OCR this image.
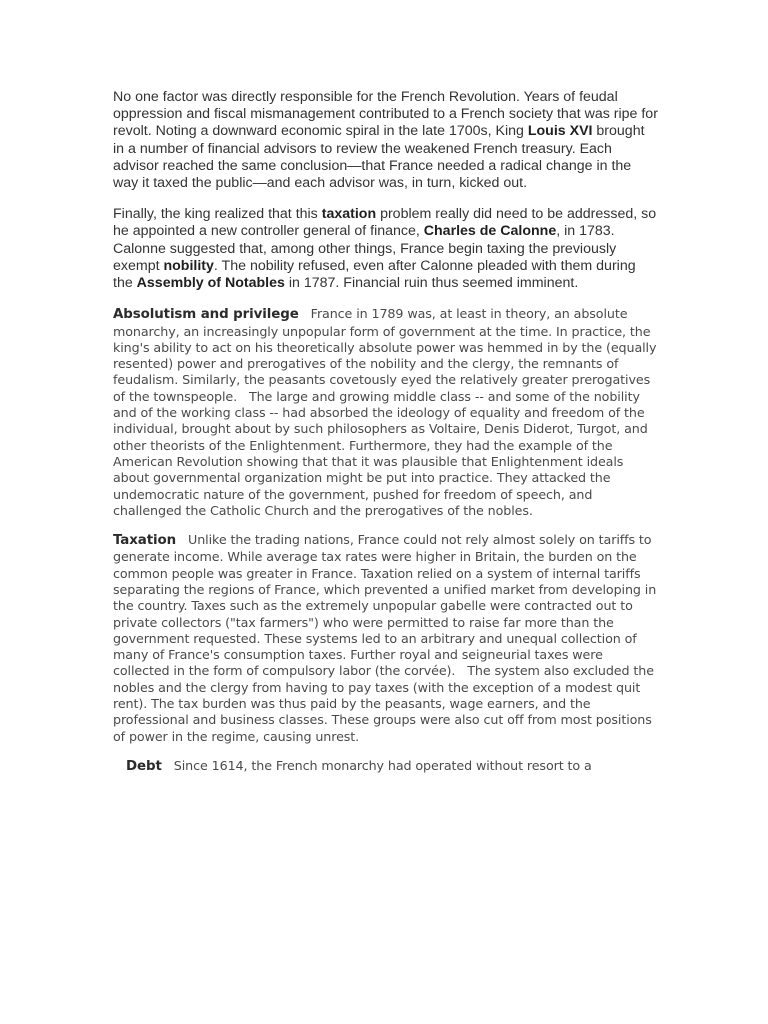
No one factor was directly responsible for the French Revolution. Years of feudal oppression and fiscal mismanagement contributed to a French society that was ripe for revolt. Noting a downward economic spiral in the late 1700s, King Louis XVI brought in a number of financial advisors to review the weakened French treasury. Each advisor reached the same conclusion—that France needed a radical change in the way it taxed the public—and each advisor was, in turn, kicked out.

Finally, the king realized that this taxation problem really did need to be addressed, so he appointed a new controller general of finance, Charles de Calonne, in 1783. Calonne suggested that, among other things, France begin taxing the previously exempt nobility. The nobility refused, even after Calonne pleaded with them during the Assembly of Notables in 1787. Financial ruin thus seemed imminent.

Absolutism and privilege France in 1789 was, at least in theory, an absolute monarchy, an increasingly unpopular form of government at the time. In practice, the king's ability to act on his theoretically absolute power was hemmed in by the (equally resented) power and prerogatives of the nobility and the clergy, the remnants of feudalism. Similarly, the peasants covetously eyed the relatively greater prerogatives of the townspeople. The large and growing middle class -- and some of the nobility and of the working class -- had absorbed the ideology of equality and freedom of the individual, brought about by such philosophers as Voltaire, Denis Diderot, Turgot, and other theorists of the Enlightenment. Furthermore, they had the example of the American Revolution showing that that it was plausible that Enlightenment ideals about governmental organization might be put into practice. They attacked the undemocratic nature of the government, pushed for freedom of speech, and challenged the Catholic Church and the prerogatives of the nobles.

Taxation Unlike the trading nations, France could not rely almost solely on tariffs to generate income. While average tax rates were higher in Britain, the burden on the common people was greater in France. Taxation relied on a system of internal tariffs separating the regions of France, which prevented a unified market from developing in the country. Taxes such as the extremely unpopular gabelle were contracted out to private collectors ("tax farmers") who were permitted to raise far more than the government requested. These systems led to an arbitrary and unequal collection of many of France's consumption taxes. Further royal and seigneurial taxes were collected in the form of compulsory labor (the corvée). The system also excluded the nobles and the clergy from having to pay taxes (with the exception of a modest quit rent). The tax burden was thus paid by the peasants, wage earners, and the professional and business classes. These groups were also cut off from most positions of power in the regime, causing unrest.

Debt Since 1614, the French monarchy had operated without resort to a
